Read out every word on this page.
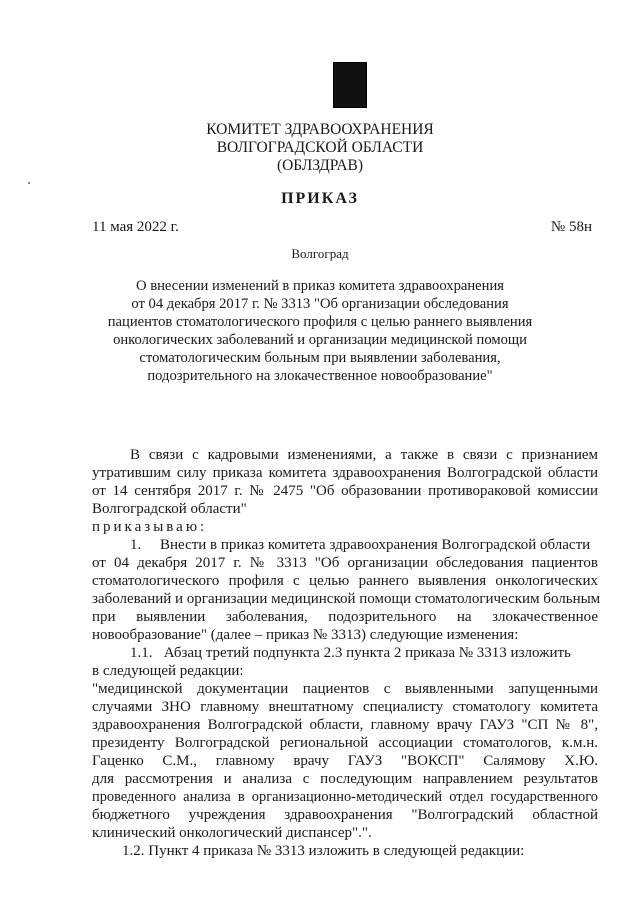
КОМИТЕТ ЗДРАВООХРАНЕНИЯ
ВОЛГОГРАДСКОЙ ОБЛАСТИ
(ОБЛЗДРАВ)
ПРИКАЗ
11 мая 2022 г.	№ 58н
Волгоград
О внесении изменений в приказ комитета здравоохранения
от 04 декабря 2017 г. № 3313 "Об организации обследования
пациентов стоматологического профиля с целью раннего выявления
онкологических заболеваний и организации медицинской помощи
стоматологическим больным при выявлении заболевания,
подозрительного на злокачественное новообразование"
В связи с кадровыми изменениями, а также в связи с признанием
утратившим силу приказа комитета здравоохранения Волгоградской области
от 14 сентября 2017 г. № 2475 "Об образовании противораковой комиссии
Волгоградской области"
приказываю:
1.     Внести в приказ комитета здравоохранения Волгоградской области
от 04 декабря 2017 г. № 3313 "Об организации обследования пациентов
стоматологического профиля с целью раннего выявления онкологических
заболеваний и организации медицинской помощи стоматологическим больным
при выявлении заболевания, подозрительного на злокачественное
новообразование" (далее – приказ № 3313) следующие изменения:
1.1.   Абзац третий подпункта 2.3 пункта 2 приказа № 3313 изложить
в следующей редакции:
"медицинской документации пациентов с выявленными запущенными
случаями ЗНО главному внештатному специалисту стоматологу комитета
здравоохранения Волгоградской области, главному врачу ГАУЗ "СП № 8",
президенту Волгоградской региональной ассоциации стоматологов, к.м.н.
Гаценко С.М., главному врачу ГАУЗ "ВОКСП" Салямову Х.Ю.
для рассмотрения и анализа с последующим направлением результатов
проведенного анализа в организационно-методический отдел государственного
бюджетного учреждения здравоохранения "Волгоградский областной
клинический онкологический диспансер".".
1.2. Пункт 4 приказа № 3313 изложить в следующей редакции:
